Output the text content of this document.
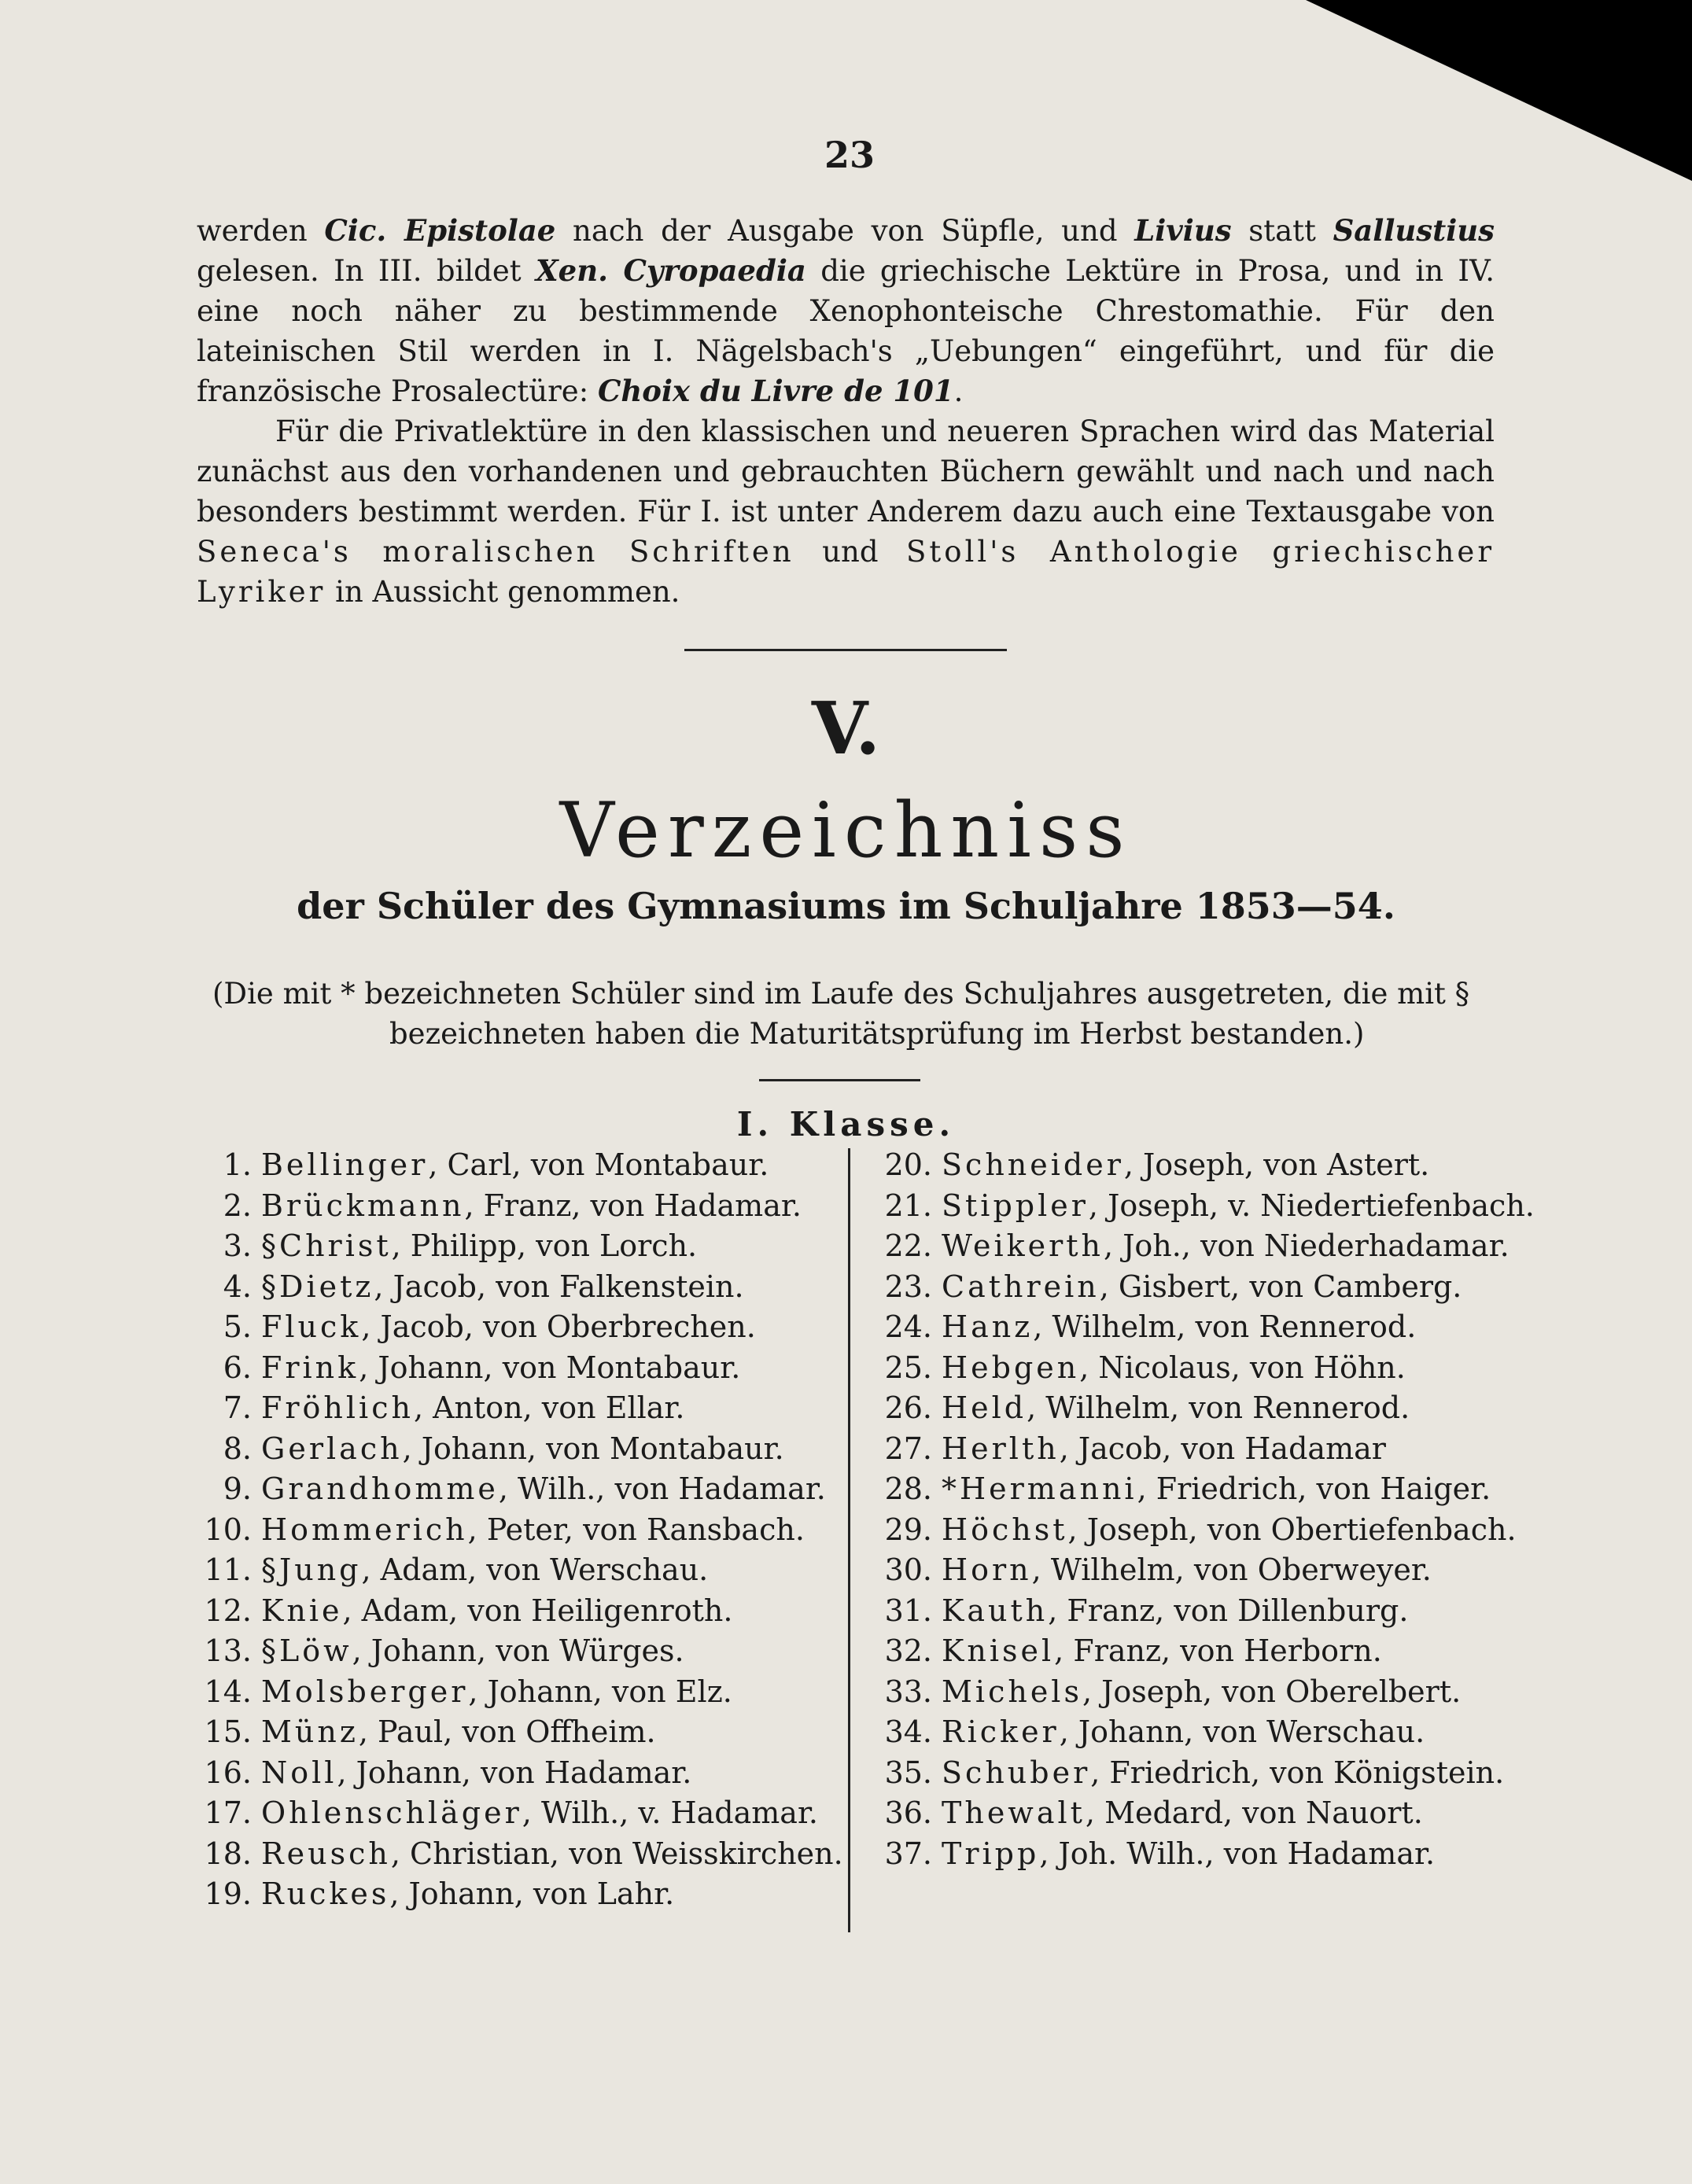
23

werden Cic. Epistolae nach der Ausgabe von Süpfle, und Livius statt Sallustius gelesen. In III. bildet Xen. Cyropaedia die griechische Lektüre in Prosa, und in IV. eine noch näher zu bestimmende Xenophonteische Chrestomathie. Für den lateinischen Stil werden in I. Nägelsbach's „Uebungen“ eingeführt, und für die französische Prosalectüre: Choix du Livre de 101.

Für die Privatlektüre in den klassischen und neueren Sprachen wird das Material zunächst aus den vorhandenen und gebrauchten Büchern gewählt und nach und nach besonders bestimmt werden. Für I. ist unter Anderem dazu auch eine Textausgabe von Seneca's moralischen Schriften und Stoll's Anthologie griechischer Lyriker in Aussicht genommen.

V.
Verzeichniss
der Schüler des Gymnasiums im Schuljahre 1853—54.
(Die mit * bezeichneten Schüler sind im Laufe des Schuljahres ausgetreten, die mit §
bezeichneten haben die Maturitätsprüfung im Herbst bestanden.)
I. Klasse.
1. Bellinger, Carl, von Montabaur.
2. Brückmann, Franz, von Hadamar.
3. §Christ, Philipp, von Lorch.
4. §Dietz, Jacob, von Falkenstein.
5. Fluck, Jacob, von Oberbrechen.
6. Frink, Johann, von Montabaur.
7. Fröhlich, Anton, von Ellar.
8. Gerlach, Johann, von Montabaur.
9. Grandhomme, Wilh., von Hadamar.
10. Hommerich, Peter, von Ransbach.
11. §Jung, Adam, von Werschau.
12. Knie, Adam, von Heiligenroth.
13. §Löw, Johann, von Würges.
14. Molsberger, Johann, von Elz.
15. Münz, Paul, von Offheim.
16. Noll, Johann, von Hadamar.
17. Ohlenschläger, Wilh., v. Hadamar.
18. Reusch, Christian, von Weisskirchen.
19. Ruckes, Johann, von Lahr.
20. Schneider, Joseph, von Astert.
21. Stippler, Joseph, v. Niedertiefenbach.
22. Weikerth, Joh., von Niederhadamar.
23. Cathrein, Gisbert, von Camberg.
24. Hanz, Wilhelm, von Rennerod.
25. Hebgen, Nicolaus, von Höhn.
26. Held, Wilhelm, von Rennerod.
27. Herlth, Jacob, von Hadamar
28. *Hermanni, Friedrich, von Haiger.
29. Höchst, Joseph, von Obertiefenbach.
30. Horn, Wilhelm, von Oberweyer.
31. Kauth, Franz, von Dillenburg.
32. Knisel, Franz, von Herborn.
33. Michels, Joseph, von Oberelbert.
34. Ricker, Johann, von Werschau.
35. Schuber, Friedrich, von Königstein.
36. Thewalt, Medard, von Nauort.
37. Tripp, Joh. Wilh., von Hadamar.
